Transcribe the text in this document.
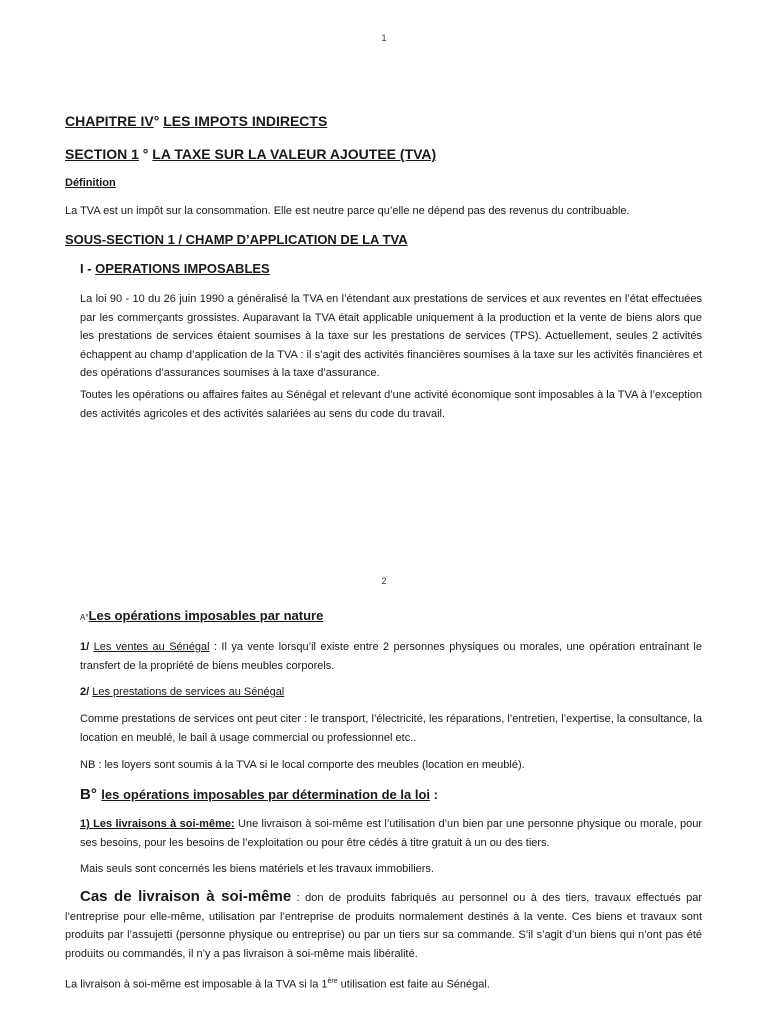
1
CHAPITRE IV° LES IMPOTS INDIRECTS
SECTION 1 ° LA TAXE SUR LA VALEUR AJOUTEE (TVA)
Définition

La TVA est un impôt sur la consommation. Elle est neutre parce qu’elle ne dépend pas des revenus du contribuable.

SOUS-SECTION 1 / CHAMP D’APPLICATION DE LA TVA
I - OPERATIONS IMPOSABLES

La loi 90 - 10 du 26 juin 1990 a généralisé la TVA en l’étendant aux prestations de services et aux reventes en l’état effectuées par les commerçants grossistes. Auparavant la TVA était applicable uniquement à la production et la vente de biens alors que les prestations de services étaient soumises à la taxe sur les prestations de services (TPS). Actuellement, seules 2 activités échappent au champ d’application de la TVA : il s’agit des activités financières soumises à la taxe sur les activités financières et des opérations d’assurances soumises à la taxe d’assurance.

Toutes les opérations ou affaires faites au Sénégal et relevant d’une activité économique sont imposables à la TVA à l’exception des activités agricoles et des activités salariées au sens du code du travail.

2
A°Les opérations imposables par nature

1/ Les ventes au Sénégal : Il ya vente lorsqu’il existe entre 2 personnes physiques ou morales, une opération entraînant le transfert de la propriété de biens meubles corporels.

2/ Les prestations de services au Sénégal

Comme prestations de services ont peut citer : le transport, l’électricité, les réparations, l’entretien, l’expertise, la consultance, la location en meublé, le bail à usage commercial ou professionnel etc..

NB : les loyers sont soumis à la TVA si le local comporte des meubles (location en meublé).

B° les opérations imposables par détermination de la loi :

1) Les livraisons à soi-même: Une livraison à soi-même est l’utilisation d’un bien par une personne physique ou morale, pour ses besoins, pour les besoins de l’exploitation ou pour être cédés à titre gratuit à un ou des tiers.

Mais seuls sont concernés les biens matériels et les travaux immobiliers.

Cas de livraison à soi-même : don de produits fabriqués au personnel ou à des tiers, travaux effectués par l’entreprise pour elle-même, utilisation par l’entreprise de produits normalement destinés à la vente. Ces biens et travaux sont produits par l’assujetti (personne physique ou entreprise) ou par un tiers sur sa commande. S’il s’agit d’un biens qui n’ont pas été produits ou commandés, il n’y a pas livraison à soi-même mais libéralité.

La livraison à soi-même est imposable à la TVA si la 1ère utilisation est faite au Sénégal.
